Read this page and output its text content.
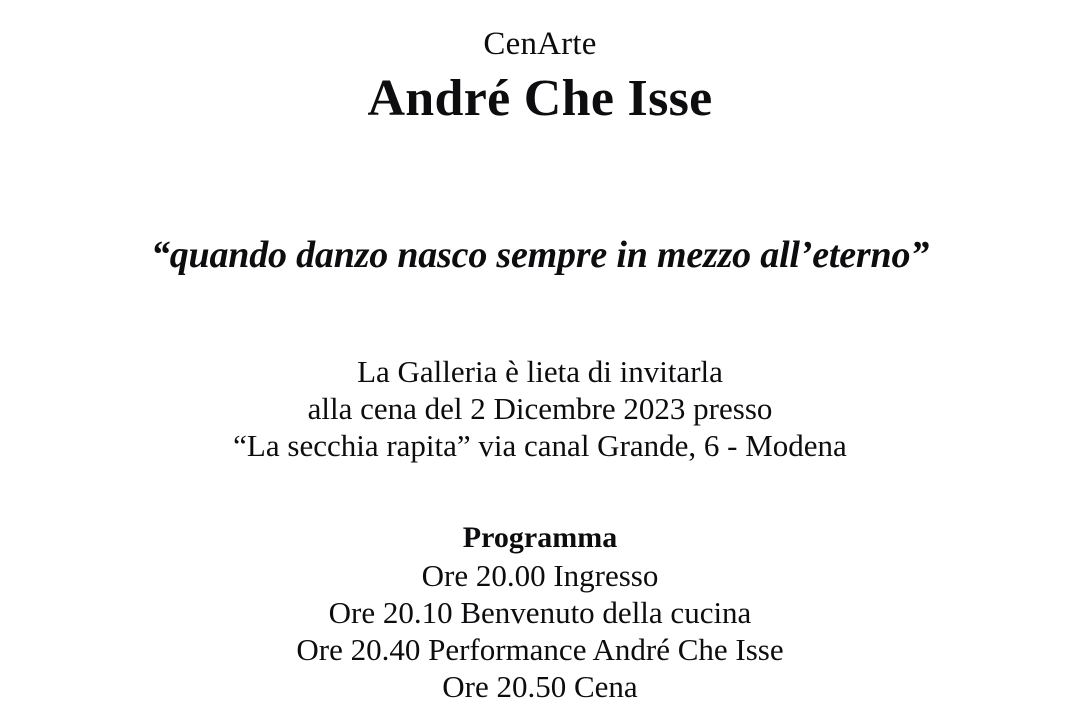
CenArte
André Che Isse
“quando danzo nasco sempre in mezzo all’eterno”
La Galleria è lieta di invitarla
alla cena del 2 Dicembre 2023 presso
“La secchia rapita” via canal Grande, 6 - Modena
Programma
Ore 20.00 Ingresso
Ore 20.10 Benvenuto della cucina
Ore 20.40 Performance André Che Isse
Ore 20.50 Cena
